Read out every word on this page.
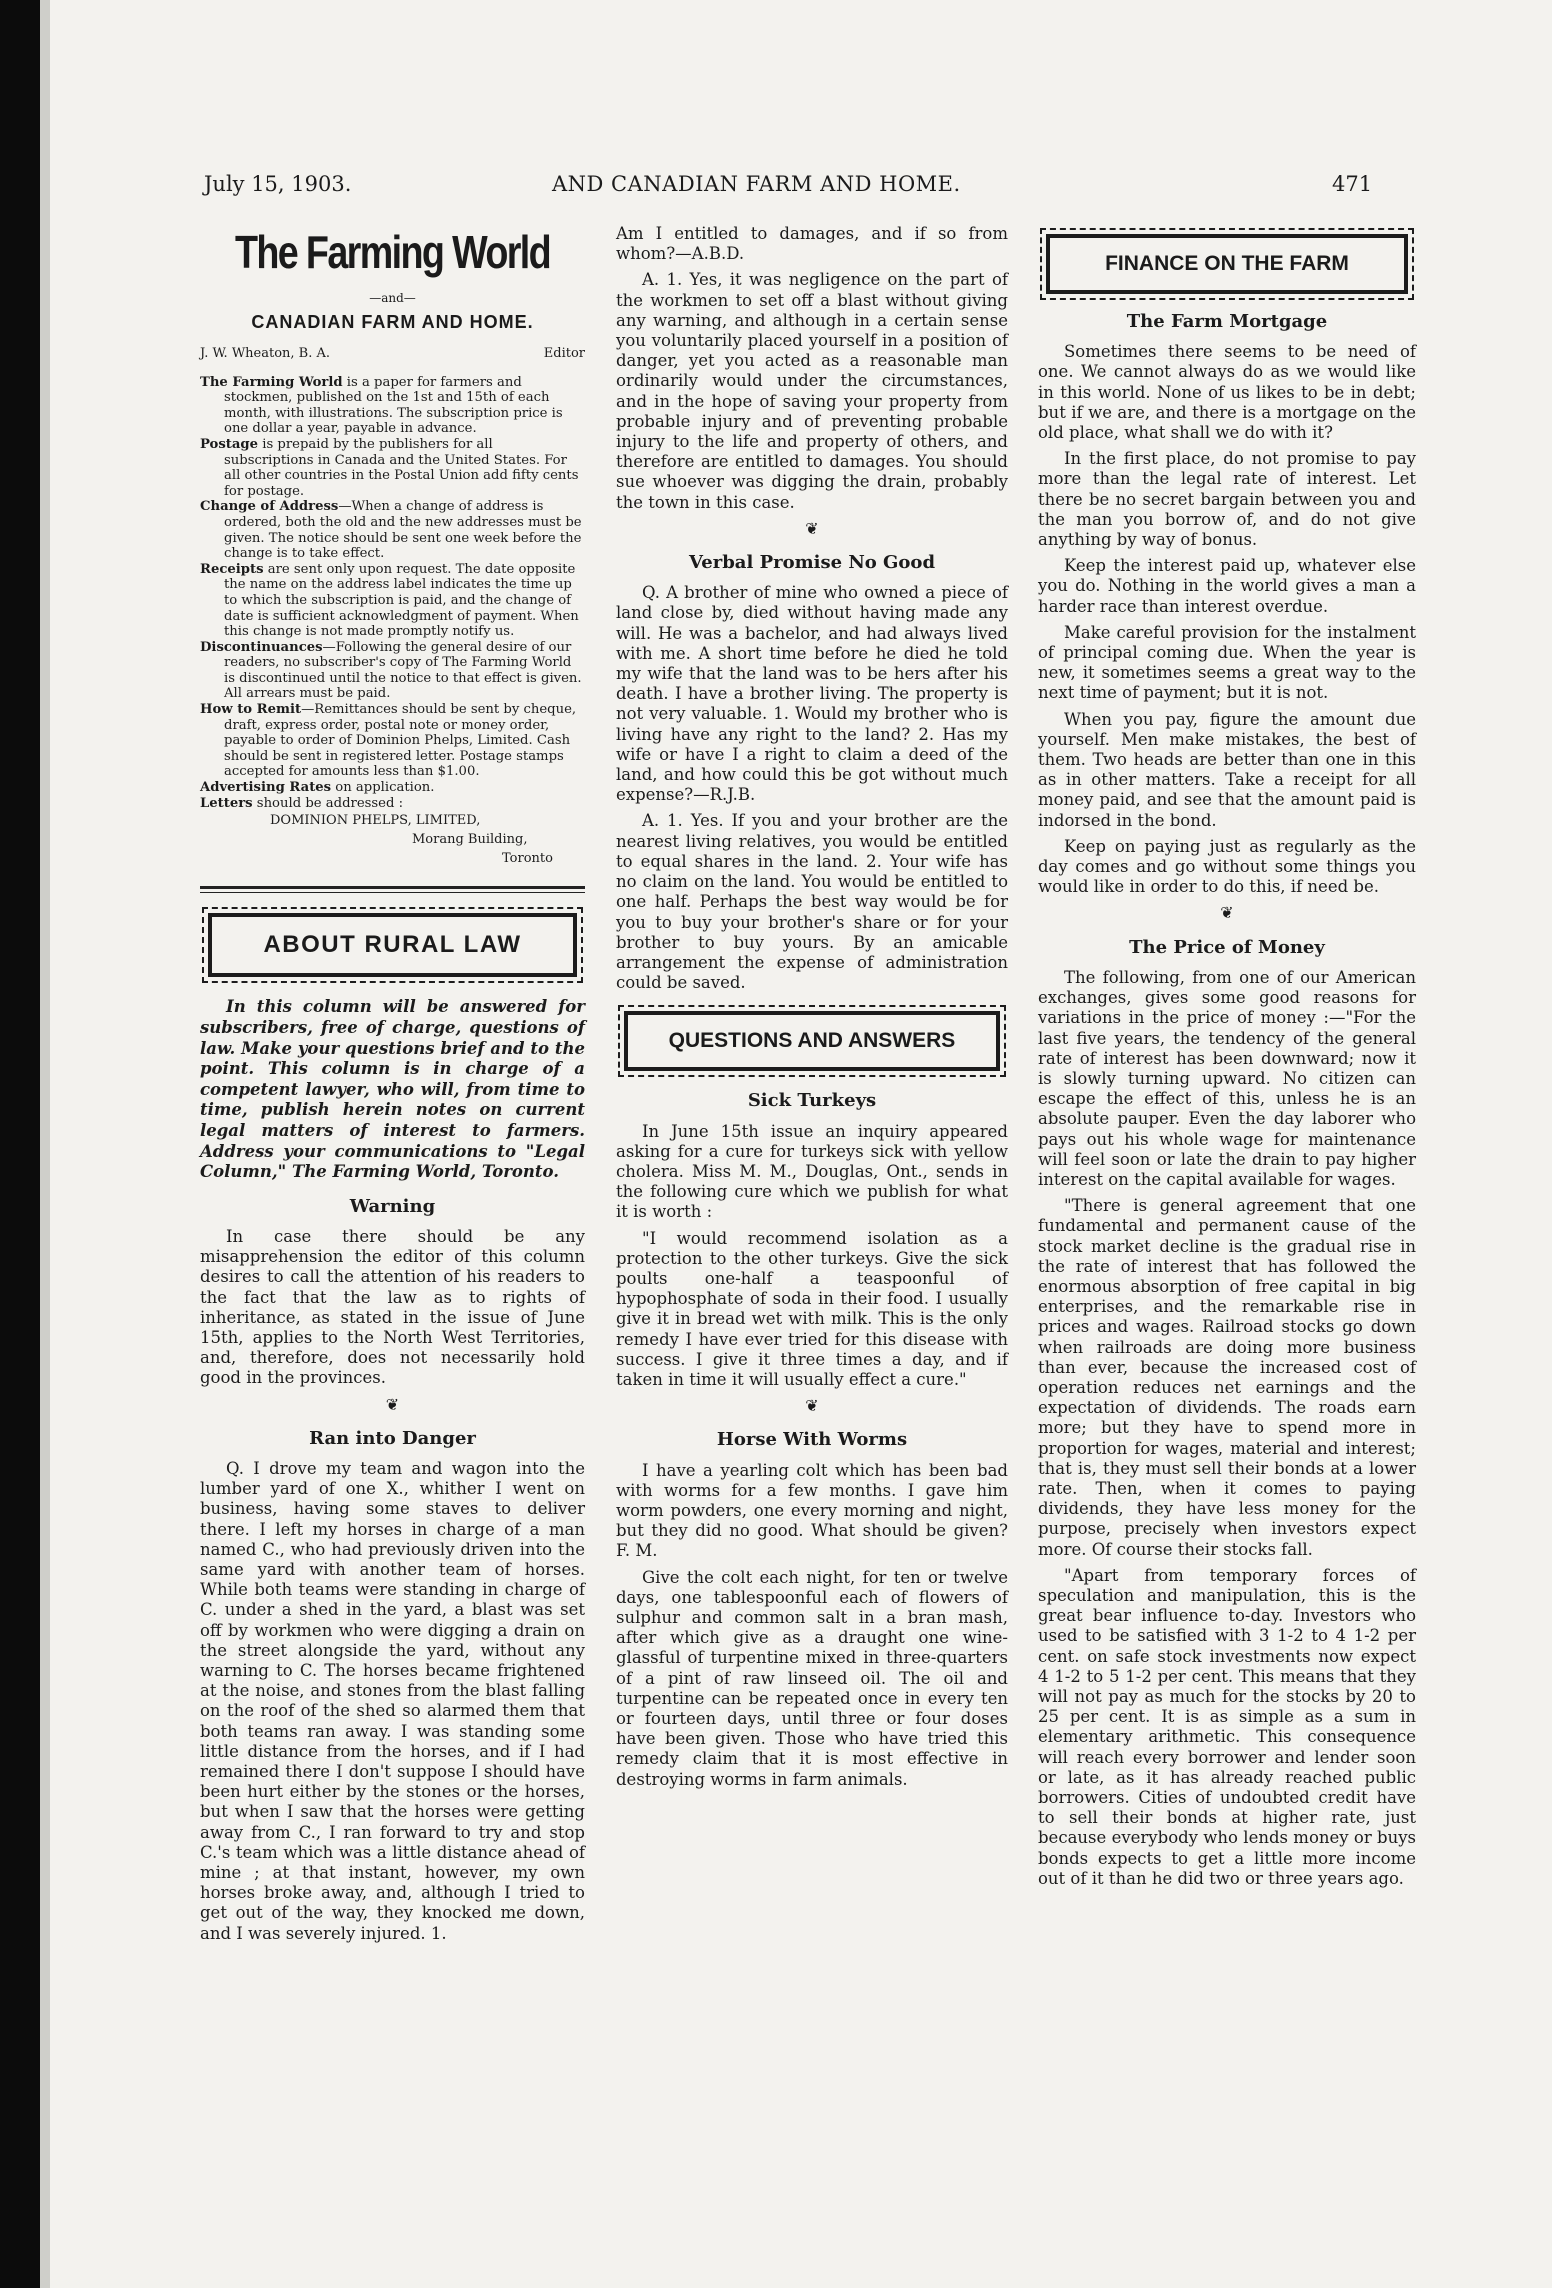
July 15, 1903.	AND CANADIAN FARM AND HOME.	471
The Farming World
—and—
CANADIAN FARM AND HOME.
J. W. Wheaton, B. A.	Editor

The Farming World is a paper for farmers and stockmen, published on the 1st and 15th of each month, with illustrations. The subscription price is one dollar a year, payable in advance.

Postage is prepaid by the publishers for all subscriptions in Canada and the United States. For all other countries in the Postal Union add fifty cents for postage.

Change of Address—When a change of address is ordered, both the old and the new addresses must be given. The notice should be sent one week before the change is to take effect.

Receipts are sent only upon request. The date opposite the name on the address label indicates the time up to which the subscription is paid, and the change of date is sufficient acknowledgment of payment. When this change is not made promptly notify us.

Discontinuances—Following the general desire of our readers, no subscriber's copy of The Farming World is discontinued until the notice to that effect is given. All arrears must be paid.

How to Remit—Remittances should be sent by cheque, draft, express order, postal note or money order, payable to order of Dominion Phelps, Limited. Cash should be sent in registered letter. Postage stamps accepted for amounts less than $1.00.

Advertising Rates on application.

Letters should be addressed :

DOMINION PHELPS, LIMITED,
Morang Building,
Toronto
ABOUT RURAL LAW

In this column will be answered for subscribers, free of charge, questions of law. Make your questions brief and to the point. This column is in charge of a competent lawyer, who will, from time to time, publish herein notes on current legal matters of interest to farmers. Address your communications to "Legal Column," The Farming World, Toronto.

Warning

In case there should be any misapprehension the editor of this column desires to call the attention of his readers to the fact that the law as to rights of inheritance, as stated in the issue of June 15th, applies to the North West Territories, and, therefore, does not necessarily hold good in the provinces.

❦
Ran into Danger

Q. I drove my team and wagon into the lumber yard of one X., whither I went on business, having some staves to deliver there. I left my horses in charge of a man named C., who had previously driven into the same yard with another team of horses. While both teams were standing in charge of C. under a shed in the yard, a blast was set off by workmen who were digging a drain on the street alongside the yard, without any warning to C. The horses became frightened at the noise, and stones from the blast falling on the roof of the shed so alarmed them that both teams ran away. I was standing some little distance from the horses, and if I had remained there I don't suppose I should have been hurt either by the stones or the horses, but when I saw that the horses were getting away from C., I ran forward to try and stop C.'s team which was a little distance ahead of mine ; at that instant, however, my own horses broke away, and, although I tried to get out of the way, they knocked me down, and I was severely injured. 1.

Am I entitled to damages, and if so from whom?—A.B.D.

A. 1. Yes, it was negligence on the part of the workmen to set off a blast without giving any warning, and although in a certain sense you voluntarily placed yourself in a position of danger, yet you acted as a reasonable man ordinarily would under the circumstances, and in the hope of saving your property from probable injury and of preventing probable injury to the life and property of others, and therefore are entitled to damages. You should sue whoever was digging the drain, probably the town in this case.

❦
Verbal Promise No Good

Q. A brother of mine who owned a piece of land close by, died without having made any will. He was a bachelor, and had always lived with me. A short time before he died he told my wife that the land was to be hers after his death. I have a brother living. The property is not very valuable. 1. Would my brother who is living have any right to the land? 2. Has my wife or have I a right to claim a deed of the land, and how could this be got without much expense?—R.J.B.

A. 1. Yes. If you and your brother are the nearest living relatives, you would be entitled to equal shares in the land. 2. Your wife has no claim on the land. You would be entitled to one half. Perhaps the best way would be for you to buy your brother's share or for your brother to buy yours. By an amicable arrangement the expense of administration could be saved.

QUESTIONS AND ANSWERS
Sick Turkeys

In June 15th issue an inquiry appeared asking for a cure for turkeys sick with yellow cholera. Miss M. M., Douglas, Ont., sends in the following cure which we publish for what it is worth :

"I would recommend isolation as a protection to the other turkeys. Give the sick poults one-half a teaspoonful of hypophosphate of soda in their food. I usually give it in bread wet with milk. This is the only remedy I have ever tried for this disease with success. I give it three times a day, and if taken in time it will usually effect a cure."

❦
Horse With Worms

I have a yearling colt which has been bad with worms for a few months. I gave him worm powders, one every morning and night, but they did no good. What should be given? F. M.

Give the colt each night, for ten or twelve days, one tablespoonful each of flowers of sulphur and common salt in a bran mash, after which give as a draught one wine-glassful of turpentine mixed in three-quarters of a pint of raw linseed oil. The oil and turpentine can be repeated once in every ten or fourteen days, until three or four doses have been given. Those who have tried this remedy claim that it is most effective in destroying worms in farm animals.

FINANCE ON THE FARM
The Farm Mortgage

Sometimes there seems to be need of one. We cannot always do as we would like in this world. None of us likes to be in debt; but if we are, and there is a mortgage on the old place, what shall we do with it?

In the first place, do not promise to pay more than the legal rate of interest. Let there be no secret bargain between you and the man you borrow of, and do not give anything by way of bonus.

Keep the interest paid up, whatever else you do. Nothing in the world gives a man a harder race than interest overdue.

Make careful provision for the instalment of principal coming due. When the year is new, it sometimes seems a great way to the next time of payment; but it is not.

When you pay, figure the amount due yourself. Men make mistakes, the best of them. Two heads are better than one in this as in other matters. Take a receipt for all money paid, and see that the amount paid is indorsed in the bond.

Keep on paying just as regularly as the day comes and go without some things you would like in order to do this, if need be.

❦
The Price of Money

The following, from one of our American exchanges, gives some good reasons for variations in the price of money :—"For the last five years, the tendency of the general rate of interest has been downward; now it is slowly turning upward. No citizen can escape the effect of this, unless he is an absolute pauper. Even the day laborer who pays out his whole wage for maintenance will feel soon or late the drain to pay higher interest on the capital available for wages.

"There is general agreement that one fundamental and permanent cause of the stock market decline is the gradual rise in the rate of interest that has followed the enormous absorption of free capital in big enterprises, and the remarkable rise in prices and wages. Railroad stocks go down when railroads are doing more business than ever, because the increased cost of operation reduces net earnings and the expectation of dividends. The roads earn more; but they have to spend more in proportion for wages, material and interest; that is, they must sell their bonds at a lower rate. Then, when it comes to paying dividends, they have less money for the purpose, precisely when investors expect more. Of course their stocks fall.

"Apart from temporary forces of speculation and manipulation, this is the great bear influence to-day. Investors who used to be satisfied with 3 1-2 to 4 1-2 per cent. on safe stock investments now expect 4 1-2 to 5 1-2 per cent. This means that they will not pay as much for the stocks by 20 to 25 per cent. It is as simple as a sum in elementary arithmetic. This consequence will reach every borrower and lender soon or late, as it has already reached public borrowers. Cities of undoubted credit have to sell their bonds at higher rate, just because everybody who lends money or buys bonds expects to get a little more income out of it than he did two or three years ago.
